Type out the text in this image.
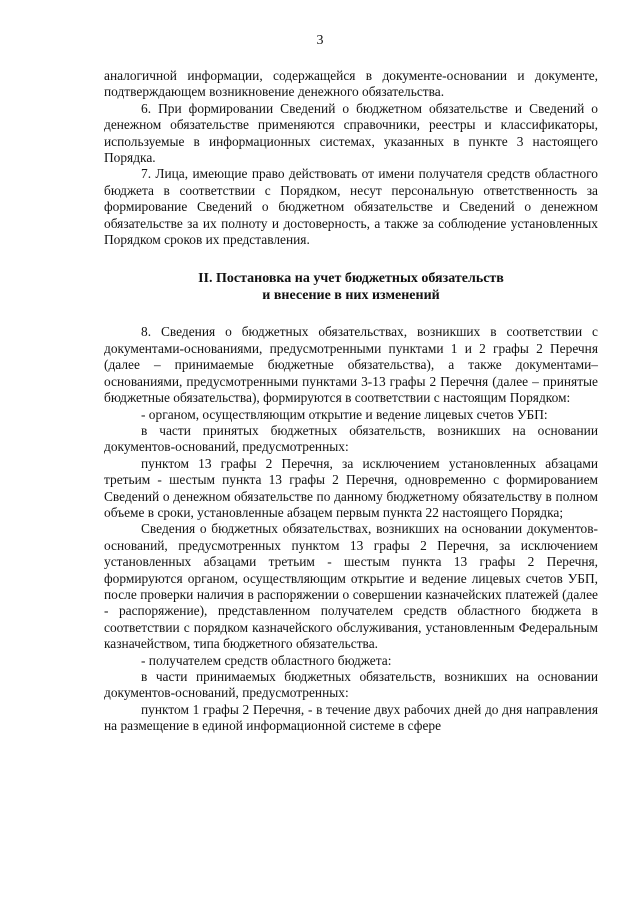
3

аналогичной информации, содержащейся в документе-основании и документе, подтверждающем возникновение денежного обязательства.

6. При формировании Сведений о бюджетном обязательстве и Сведений о денежном обязательстве применяются справочники, реестры и классификаторы, используемые в информационных системах, указанных в пункте 3 настоящего Порядка.

7. Лица, имеющие право действовать от имени получателя средств областного бюджета в соответствии с Порядком, несут персональную ответственность за формирование Сведений о бюджетном обязательстве и Сведений о денежном обязательстве за их полноту и достоверность, а также за соблюдение установленных Порядком сроков их представления.

II. Постановка на учет бюджетных обязательств
и внесение в них изменений

8. Сведения о бюджетных обязательствах, возникших в соответствии с документами-основаниями, предусмотренными пунктами 1 и 2 графы 2 Перечня (далее – принимаемые бюджетные обязательства), а также документами–основаниями, предусмотренными пунктами 3-13 графы 2 Перечня (далее – принятые бюджетные обязательства), формируются в соответствии с настоящим Порядком:

- органом, осуществляющим открытие и ведение лицевых счетов УБП:

в части принятых бюджетных обязательств, возникших на основании документов-оснований, предусмотренных:

пунктом 13 графы 2 Перечня, за исключением установленных абзацами третьим - шестым пункта 13 графы 2 Перечня, одновременно с формированием Сведений о денежном обязательстве по данному бюджетному обязательству в полном объеме в сроки, установленные абзацем первым пункта 22 настоящего Порядка;

Сведения о бюджетных обязательствах, возникших на основании документов-оснований, предусмотренных пунктом 13 графы 2 Перечня, за исключением установленных абзацами третьим - шестым пункта 13 графы 2 Перечня, формируются органом, осуществляющим открытие и ведение лицевых счетов УБП, после проверки наличия в распоряжении о совершении казначейских платежей (далее - распоряжение), представленном получателем средств областного бюджета в соответствии с порядком казначейского обслуживания, установленным Федеральным казначейством, типа бюджетного обязательства.

- получателем средств областного бюджета:

в части принимаемых бюджетных обязательств, возникших на основании документов-оснований, предусмотренных:

пунктом 1 графы 2 Перечня, - в течение двух рабочих дней до дня направления на размещение в единой информационной системе в сфере
